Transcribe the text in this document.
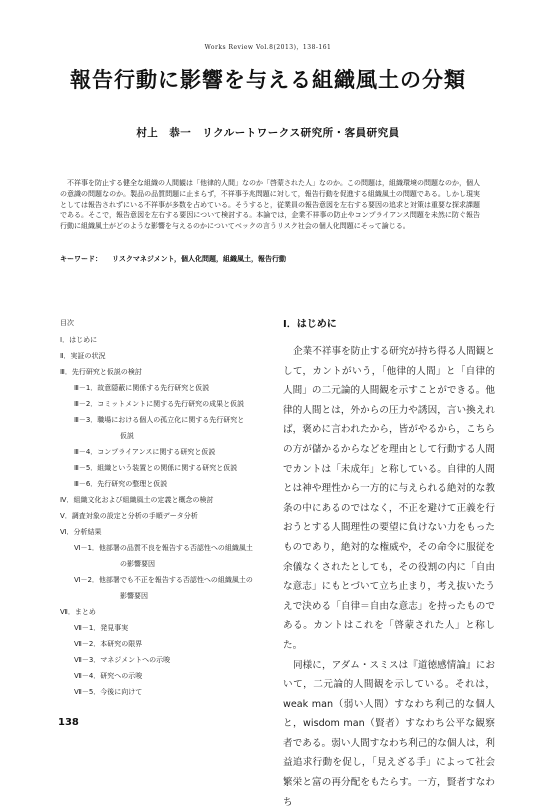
Works Review Vol.8(2013)，138-161
報告行動に影響を与える組織風土の分類
村上　恭一　リクルートワークス研究所・客員研究員
不祥事を防止する健全な組織の人間観は「他律的人間」なのか「啓蒙された人」なのか。この問題は，組織環境の問題なのか，個人の意識の問題なのか。製品の品質問題に止まらず，不祥事予兆問題に対して，報告行動を促進する組織風土の問題である。しかし現実としては報告されずにいる不祥事が多数を占めている。そうすると，従業員の報告意図を左右する要因の追求と対策は重要な探求課題である。そこで，報告意図を左右する要因について検討する。本論では，企業不祥事の防止やコンプライアンス問題を未然に防ぐ報告行動に組織風土がどのような影響を与えるのかについてベックの言うリスク社会の個人化問題にそって論じる。
キーワード： リスクマネジメント，個人化問題，組織風土，報告行動
目次
Ⅰ．はじめに
Ⅱ．実証の状況
Ⅲ．先行研究と仮説の検討
Ⅲ－1．故意隠蔽に関係する先行研究と仮説
Ⅲ－2．コミットメントに関する先行研究の成果と仮説
Ⅲ－3．職場における個人の孤立化に関する先行研究と
仮説
Ⅲ－4．コンプライアンスに関する研究と仮説
Ⅲ－5．組織という装置との関係に関する研究と仮説
Ⅲ－6．先行研究の整理と仮説
Ⅳ．組織文化および組織風土の定義と概念の検討
Ⅴ．調査対象の設定と分析の手順データ分析
Ⅵ．分析結果
Ⅵ－1．他部署の品質不良を報告する否認性への組織風土
の影響要因
Ⅵ－2．他部署でも不正を報告する否認性への組織風土の
影響要因
Ⅶ．まとめ
Ⅶ－1．発見事実
Ⅶ－2．本研究の限界
Ⅶ－3．マネジメントへの示唆
Ⅶ－4．研究への示唆
Ⅶ－5．今後に向けて
Ⅰ．はじめに

企業不祥事を防止する研究が持ち得る人間観として，カントがいう，「他律的人間」と「自律的人間」の二元論的人間観を示すことができる。他律的人間とは，外からの圧力や誘因，言い換えれば，褒めに言われたから，皆がやるから，こちらの方が儲かるからなどを理由として行動する人間でカントは「未成年」と称している。自律的人間とは神や理性から一方的に与えられる絶対的な教条の中にあるのではなく，不正を避けて正義を行おうとする人間理性の要望に負けない力をもったものであり，絶対的な権威や，その命令に服従を余儀なくされたとしても，その役割の内に「自由な意志」にもとづいて立ち止まり，考え抜いたうえで決める「自律＝自由な意志」を持ったものである。カントはこれを「啓蒙された人」と称した。

同様に，アダム・スミスは『道徳感情論』において，二元論的人間観を示している。それは，weak man（弱い人間）すなわち利己的な個人と，wisdom man（賢者）すなわち公平な観察者である。弱い人間すなわち利己的な個人は，利益追求行動を促し，「見えざる手」によって社会繁栄と富の再分配をもたらす。一方，賢者すなわち

138
